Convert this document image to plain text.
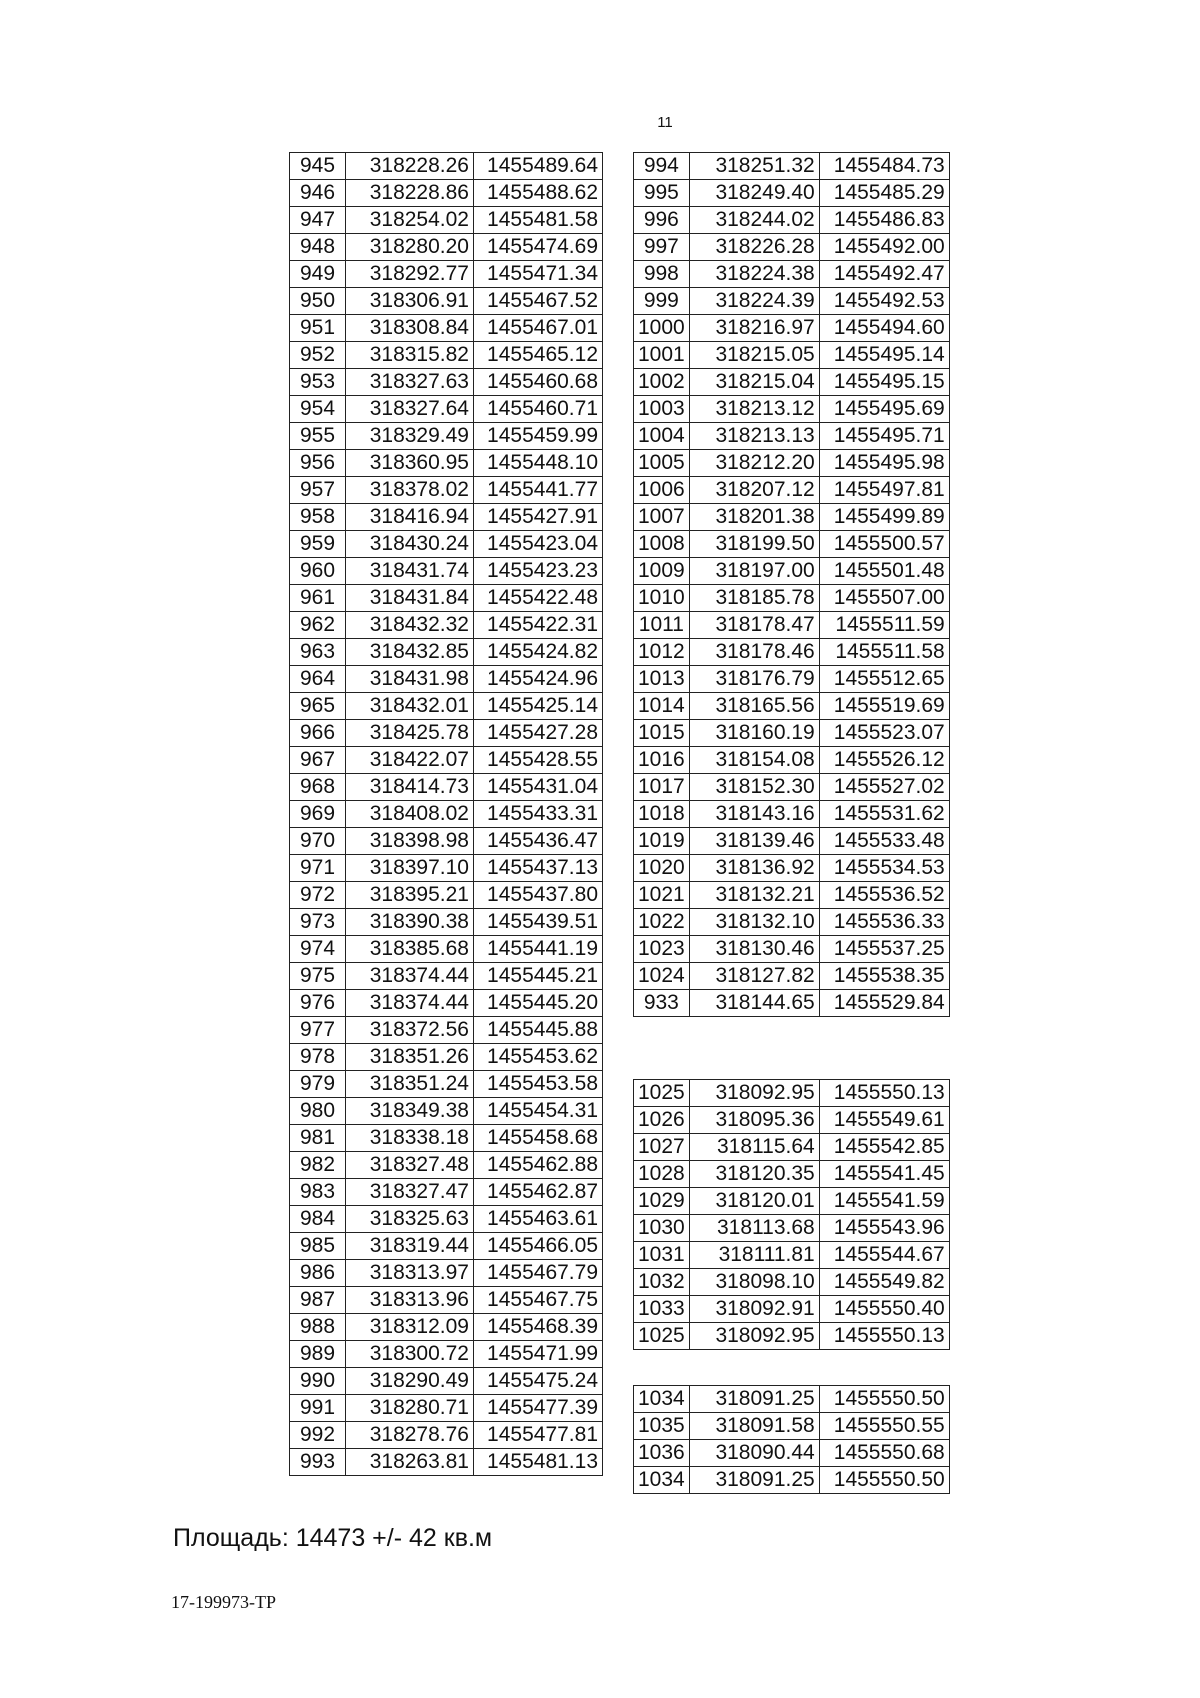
11
945	318228.26	1455489.64
946	318228.86	1455488.62
947	318254.02	1455481.58
948	318280.20	1455474.69
949	318292.77	1455471.34
950	318306.91	1455467.52
951	318308.84	1455467.01
952	318315.82	1455465.12
953	318327.63	1455460.68
954	318327.64	1455460.71
955	318329.49	1455459.99
956	318360.95	1455448.10
957	318378.02	1455441.77
958	318416.94	1455427.91
959	318430.24	1455423.04
960	318431.74	1455423.23
961	318431.84	1455422.48
962	318432.32	1455422.31
963	318432.85	1455424.82
964	318431.98	1455424.96
965	318432.01	1455425.14
966	318425.78	1455427.28
967	318422.07	1455428.55
968	318414.73	1455431.04
969	318408.02	1455433.31
970	318398.98	1455436.47
971	318397.10	1455437.13
972	318395.21	1455437.80
973	318390.38	1455439.51
974	318385.68	1455441.19
975	318374.44	1455445.21
976	318374.44	1455445.20
977	318372.56	1455445.88
978	318351.26	1455453.62
979	318351.24	1455453.58
980	318349.38	1455454.31
981	318338.18	1455458.68
982	318327.48	1455462.88
983	318327.47	1455462.87
984	318325.63	1455463.61
985	318319.44	1455466.05
986	318313.97	1455467.79
987	318313.96	1455467.75
988	318312.09	1455468.39
989	318300.72	1455471.99
990	318290.49	1455475.24
991	318280.71	1455477.39
992	318278.76	1455477.81
993	318263.81	1455481.13
994	318251.32	1455484.73
995	318249.40	1455485.29
996	318244.02	1455486.83
997	318226.28	1455492.00
998	318224.38	1455492.47
999	318224.39	1455492.53
1000	318216.97	1455494.60
1001	318215.05	1455495.14
1002	318215.04	1455495.15
1003	318213.12	1455495.69
1004	318213.13	1455495.71
1005	318212.20	1455495.98
1006	318207.12	1455497.81
1007	318201.38	1455499.89
1008	318199.50	1455500.57
1009	318197.00	1455501.48
1010	318185.78	1455507.00
1011	318178.47	1455511.59
1012	318178.46	1455511.58
1013	318176.79	1455512.65
1014	318165.56	1455519.69
1015	318160.19	1455523.07
1016	318154.08	1455526.12
1017	318152.30	1455527.02
1018	318143.16	1455531.62
1019	318139.46	1455533.48
1020	318136.92	1455534.53
1021	318132.21	1455536.52
1022	318132.10	1455536.33
1023	318130.46	1455537.25
1024	318127.82	1455538.35
933	318144.65	1455529.84
1025	318092.95	1455550.13
1026	318095.36	1455549.61
1027	318115.64	1455542.85
1028	318120.35	1455541.45
1029	318120.01	1455541.59
1030	318113.68	1455543.96
1031	318111.81	1455544.67
1032	318098.10	1455549.82
1033	318092.91	1455550.40
1025	318092.95	1455550.13
1034	318091.25	1455550.50
1035	318091.58	1455550.55
1036	318090.44	1455550.68
1034	318091.25	1455550.50
Площадь: 14473 +/- 42 кв.м
17-199973-ТР
